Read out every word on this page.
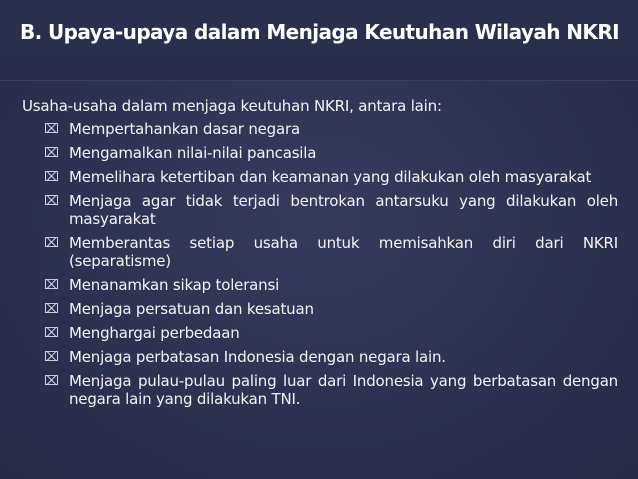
B. Upaya-upaya dalam Menjaga Keutuhan Wilayah NKRI
Usaha-usaha dalam menjaga keutuhan NKRI, antara lain:
⌧ Mempertahankan dasar negara
⌧ Mengamalkan nilai-nilai pancasila
⌧ Memelihara ketertiban dan keamanan yang dilakukan oleh masyarakat
⌧ Menjaga agar tidak terjadi bentrokan antarsuku yang dilakukan oleh masyarakat
⌧ Memberantas setiap usaha untuk memisahkan diri dari NKRI (separatisme)
⌧ Menanamkan sikap toleransi
⌧ Menjaga persatuan dan kesatuan
⌧ Menghargai perbedaan
⌧ Menjaga perbatasan Indonesia dengan negara lain.
⌧ Menjaga pulau-pulau paling luar dari Indonesia yang berbatasan dengan negara lain yang dilakukan TNI.
